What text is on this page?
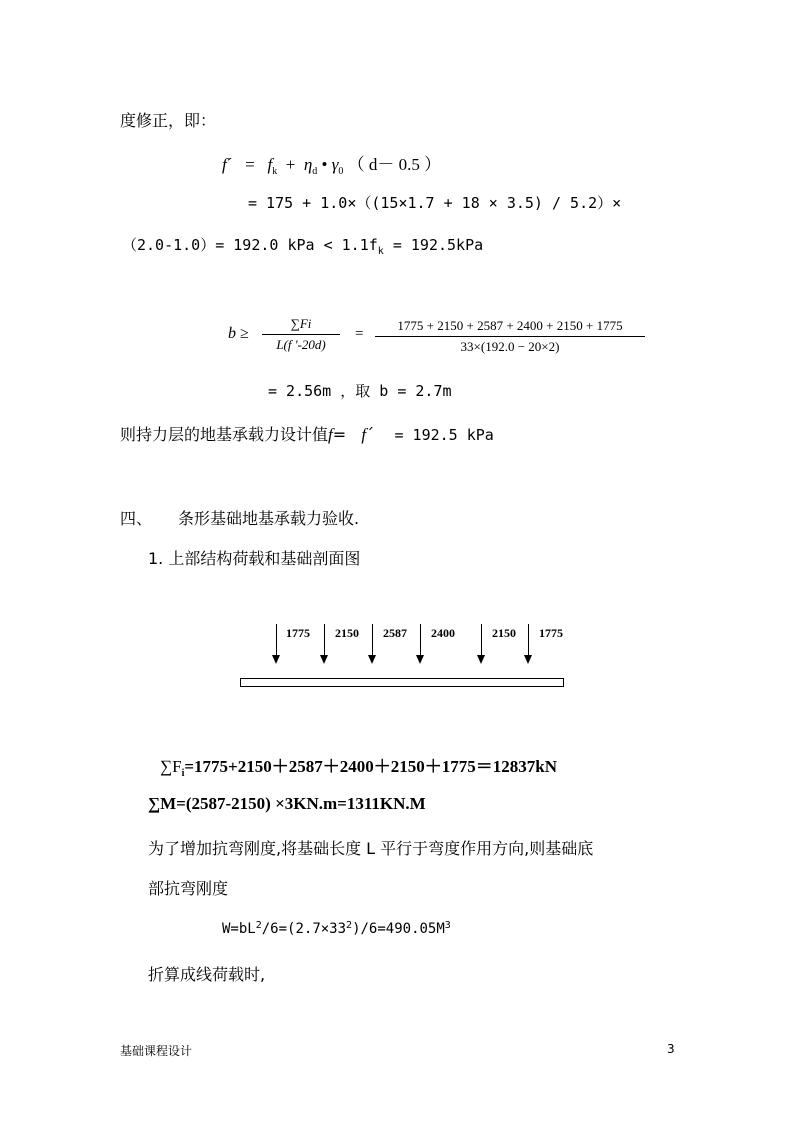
度修正，即：
fˊ = $f_k + \eta_d$ • $\gamma_0$ （ d－ 0.5 ）
= 175 + 1.0×（(15×1.7 + 18 × 3.5) / 5.2）×
（2.0-1.0）= 192.0 kPa < $1.1f_k = 192.5kPa$
b ≥
∑Fi
L(f '-20d)
=
1775 + 2150 + 2587 + 2400 + 2150 + 1775
33×(192.0 − 20×2)
= 2.56m ，取 b = 2.7m
则持力层的地基承载力设计值f= fˊ = 192.5 kPa
四、 条形基础地基承载力验收.
1. 上部结构荷载和基础剖面图
1775 2150 2587 2400	2150 1775
$\sum F_i=1775+2150+2587+2400+2150+1775=12837kN$
∑M=(2587-2150) ×3KN.m=1311KN.M
为了增加抗弯刚度,将基础长度 L 平行于弯度作用方向,则基础底
部抗弯刚度
$W=bL^2/6=(2.7\times 33^2)/6=490.05M^3$
折算成线荷载时,
基础课程设计	3
